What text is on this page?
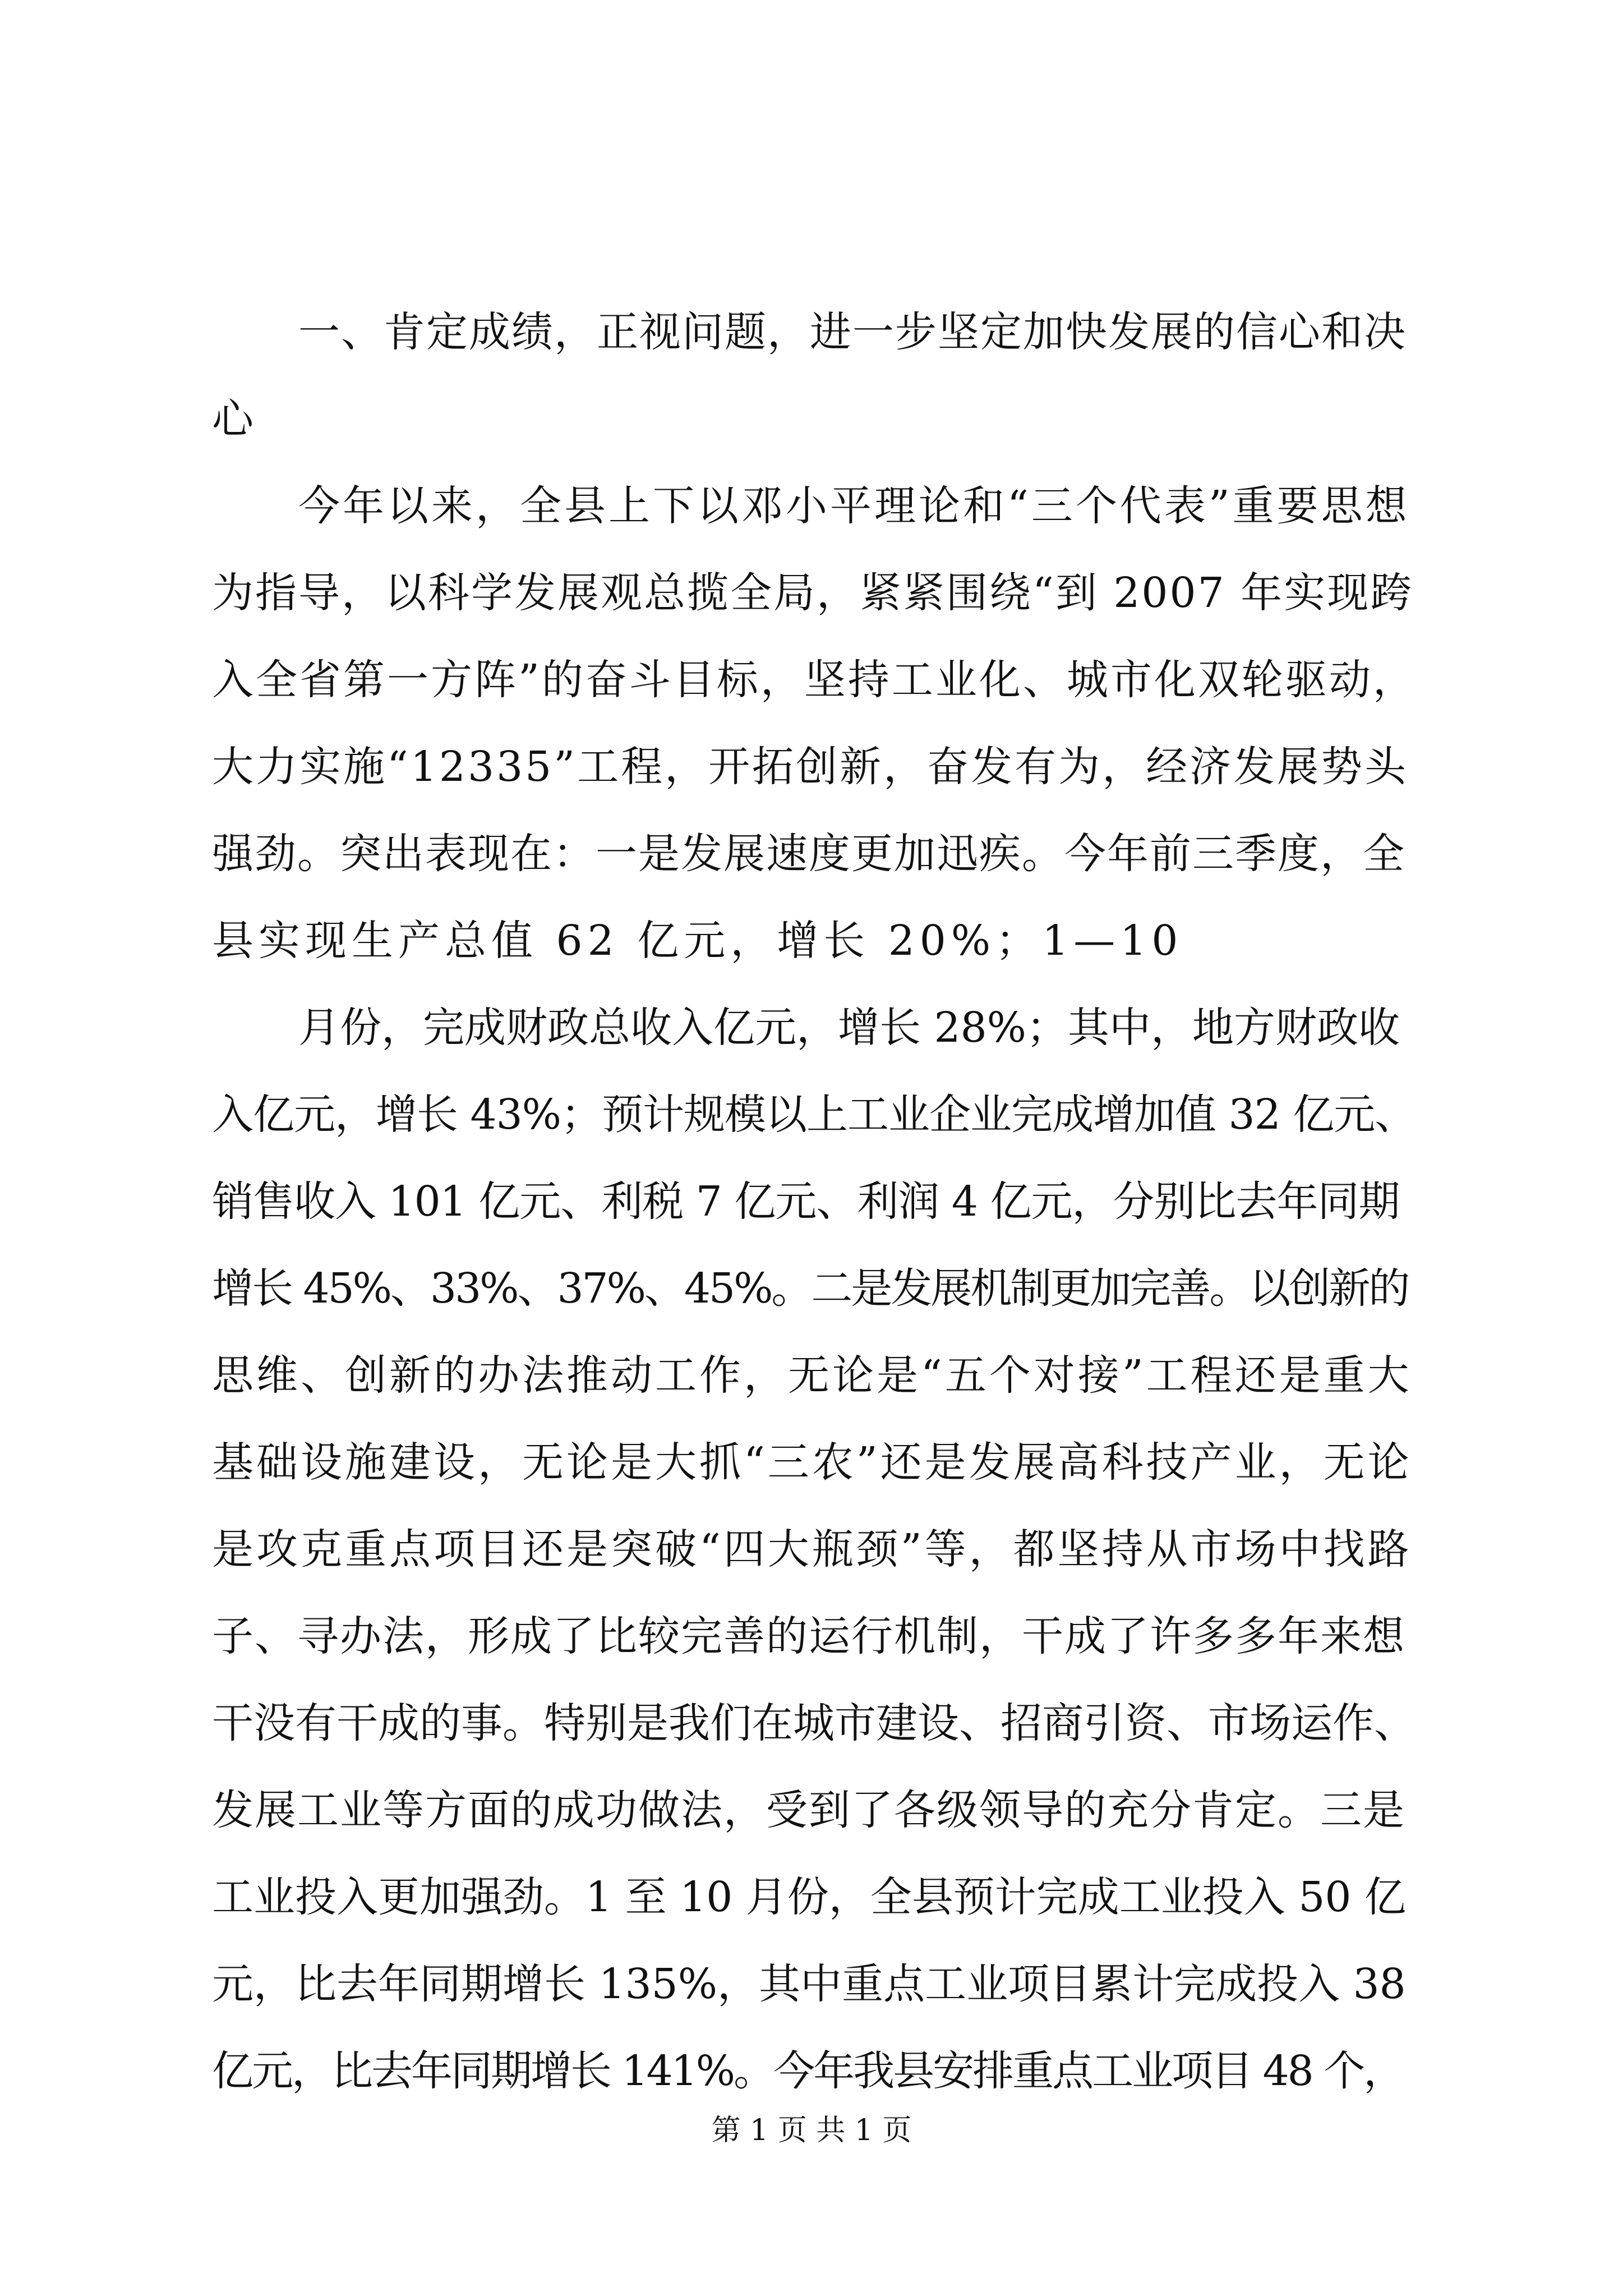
一、肯定成绩，正视问题，进一步坚定加快发展的信心和决
心
今年以来，全县上下以邓小平理论和“三个代表”重要思想
为指导，以科学发展观总揽全局，紧紧围绕“到 2007 年实现跨
入全省第一方阵”的奋斗目标，坚持工业化、城市化双轮驱动，
大力实施“12335”工程，开拓创新，奋发有为，经济发展势头
强劲。突出表现在：一是发展速度更加迅疾。今年前三季度，全
县实现生产总值 62 亿元，增长 20%；1—10
月份，完成财政总收入亿元，增长 28%；其中，地方财政收
入亿元，增长 43%；预计规模以上工业企业完成增加值 32 亿元、
销售收入 101 亿元、利税 7 亿元、利润 4 亿元，分别比去年同期
增长 45%、33%、37%、45%。二是发展机制更加完善。以创新的
思维、创新的办法推动工作，无论是“五个对接”工程还是重大
基础设施建设，无论是大抓“三农”还是发展高科技产业，无论
是攻克重点项目还是突破“四大瓶颈”等，都坚持从市场中找路
子、寻办法，形成了比较完善的运行机制，干成了许多多年来想
干没有干成的事。特别是我们在城市建设、招商引资、市场运作、
发展工业等方面的成功做法，受到了各级领导的充分肯定。三是
工业投入更加强劲。1 至 10 月份，全县预计完成工业投入 50 亿
元，比去年同期增长 135%，其中重点工业项目累计完成投入 38
亿元，比去年同期增长 141%。今年我县安排重点工业项目 48 个，
第 1 页 共 1 页
